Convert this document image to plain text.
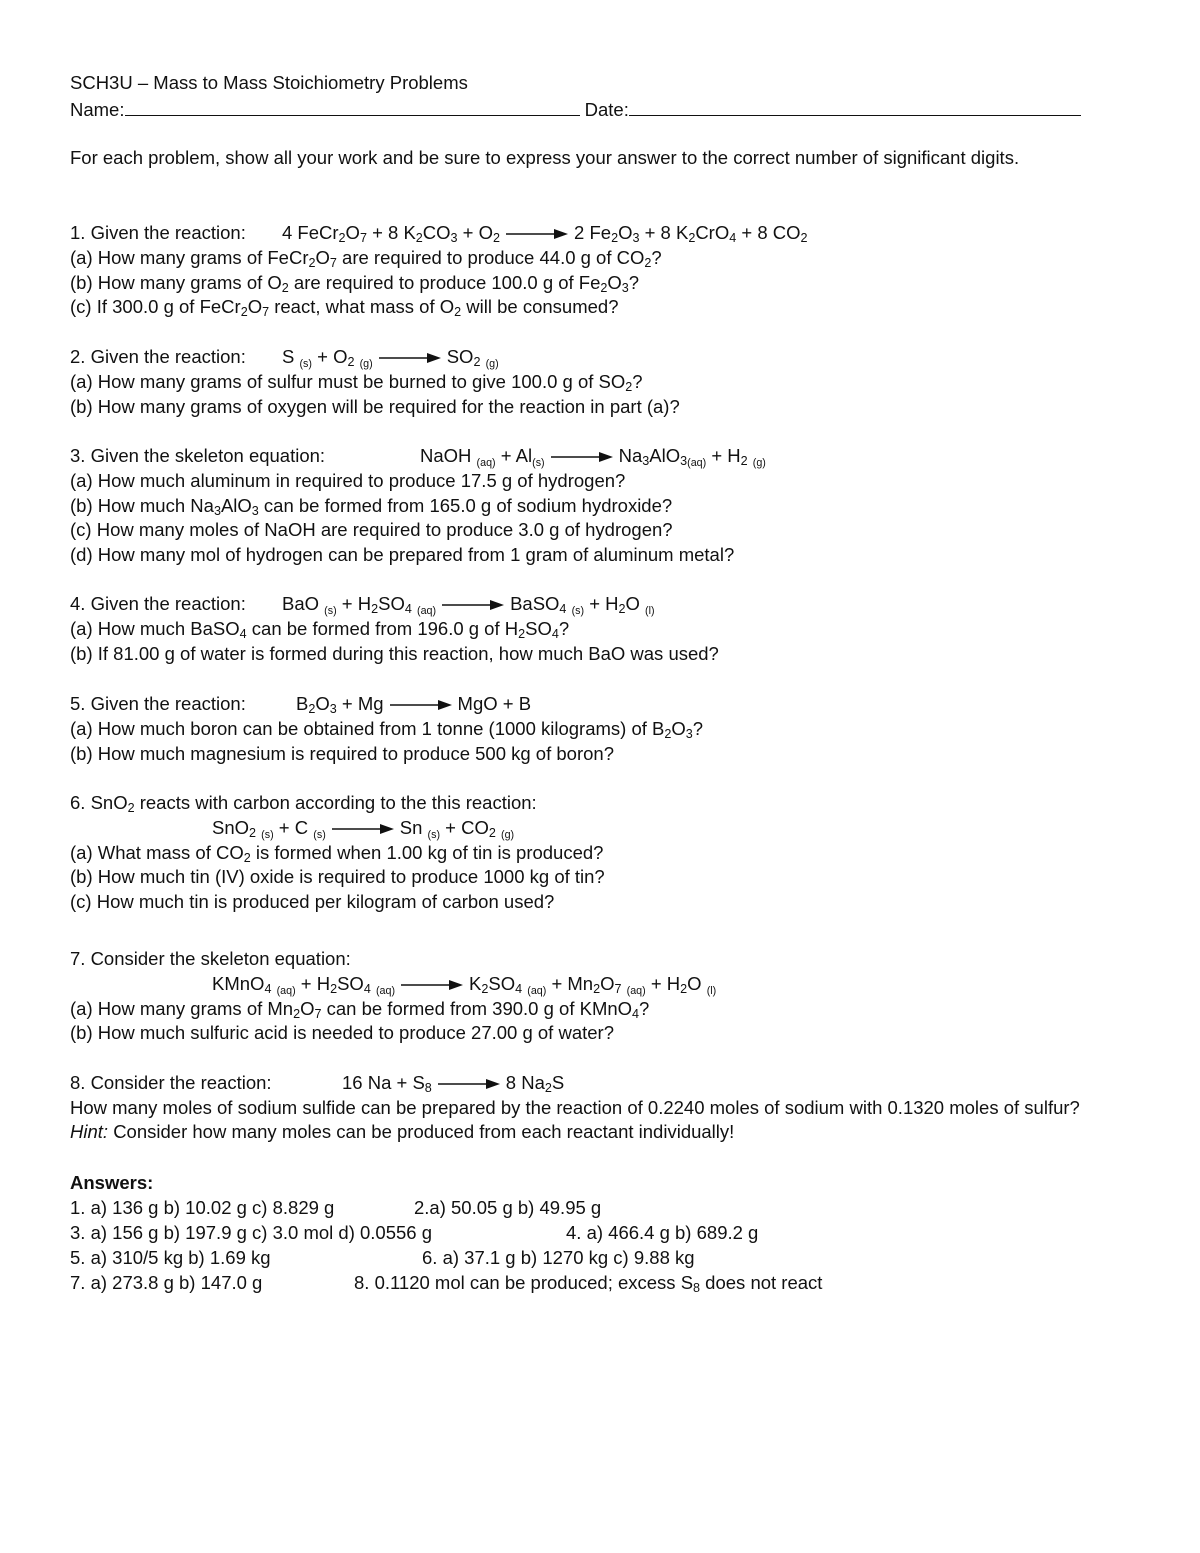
SCH3U – Mass to Mass Stoichiometry Problems
Name:	Date:
For each problem, show all your work and be sure to express your answer to the correct number of significant digits.
1. Given the reaction: 4 $FeCr_2O_7 + 8$ $K_2CO_3 + O_2 \to 2$ $Fe_2O_3 + 8$ $K_2CrO_4 + 8$ $CO_2$
(a) How many grams of $FeCr_2O_7$ are required to produce 44.0 g of $CO_2$?
(b) How many grams of $O_2$ are required to produce 100.0 g of $Fe_2O_3$?
(c) If 300.0 g of $FeCr_2O_7$ react, what mass of $O_2$ will be consumed?
2. Given the reaction: S $_{(s)} + O_2$ $_{(g)} \to SO_2$ $_{(g)}$
(a) How many grams of sulfur must be burned to give 100.0 g of $SO_2$?
(b) How many grams of oxygen will be required for the reaction in part (a)?
3. Given the skeleton equation:	NaOH $_{(aq)} + Al_{(s)} \to Na_3AlO_{3(aq)} + H_2$ $_{(g)}$
(a) How much aluminum in required to produce 17.5 g of hydrogen?
(b) How much $Na_3AlO_3$ can be formed from 165.0 g of sodium hydroxide?
(c) How many moles of NaOH are required to produce 3.0 g of hydrogen?
(d) How many mol of hydrogen can be prepared from 1 gram of aluminum metal?
4. Given the reaction: BaO $_{(s)} + H_2SO_4$ $_{(aq)}$ → BaSO$_4$ $_{(s)} + H_2O$ $_{(l)}$
(a) How much BaSO$_4$ can be formed from 196.0 g of $H_2SO_4$?
(b) If 81.00 g of water is formed during this reaction, how much BaO was used?
5. Given the reaction:	$B_2O_3 + Mg$ → MgO + B
(a) How much boron can be obtained from 1 tonne (1000 kilograms) of $B_2O_3$?
(b) How much magnesium is required to produce 500 kg of boron?
6. SnO$_2$ reacts with carbon according to the this reaction:
SnO$_2$ $_{(s)}$ + C $_{(s)}$ → Sn $_{(s)} + CO_2$ $_{(g)}$
(a) What mass of $CO_2$ is formed when 1.00 kg of tin is produced?
(b) How much tin (IV) oxide is required to produce 1000 kg of tin?
(c) How much tin is produced per kilogram of carbon used?
7. Consider the skeleton equation:
KMnO$_4$ $_{(aq)} + H_2SO_4$ $_{(aq)} \to K_2SO_4$ $_{(aq)} + Mn_2O_7$ $_{(aq)} + H_2O$ $_{(l)}$
(a) How many grams of $Mn_2O_7$ can be formed from 390.0 g of KMnO$_4$?
(b) How much sulfuric acid is needed to produce 27.00 g of water?
8. Consider the reaction:	16 $Na + S_8 \to 8$ $Na_2S$
How many moles of sodium sulfide can be prepared by the reaction of 0.2240 moles of sodium with 0.1320 moles of sulfur?   Hint: Consider how many moles can be produced from each reactant individually!
Answers:
1. a) 136 g b) 10.02 g c) 8.829 g	2.a) 50.05 g b) 49.95 g
3. a) 156 g b) 197.9 g c) 3.0 mol d) 0.0556 g	4. a) 466.4 g b) 689.2 g
5. a) 310/5 kg b) 1.69 kg	6. a) 37.1 g b) 1270 kg c) 9.88 kg
7. a) 273.8 g b) 147.0 g	8. 0.1120 mol can be produced; excess $S_8$ does not react
